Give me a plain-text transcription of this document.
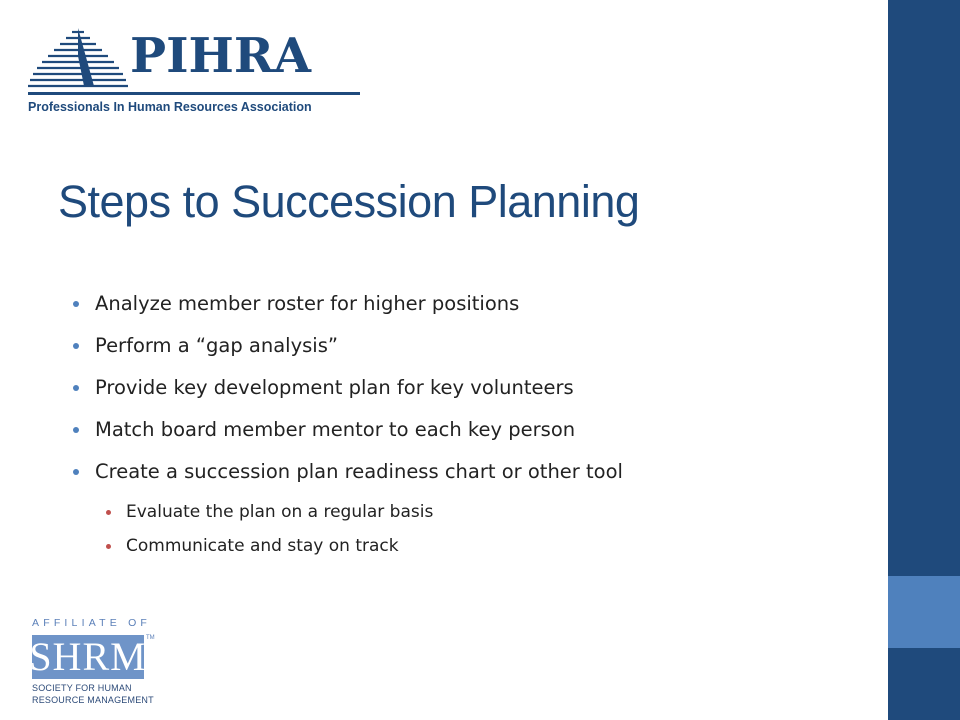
PIHRA
Professionals In Human Resources Association
Steps to Succession Planning
Analyze member roster for higher positions
Perform a “gap analysis”
Provide key development plan for key volunteers
Match board member mentor to each key person
Create a succession plan readiness chart or other tool
Evaluate the plan on a regular basis
Communicate and stay on track
AFFILIATE OF
SHRM TM
SOCIETY FOR HUMAN
RESOURCE MANAGEMENT
